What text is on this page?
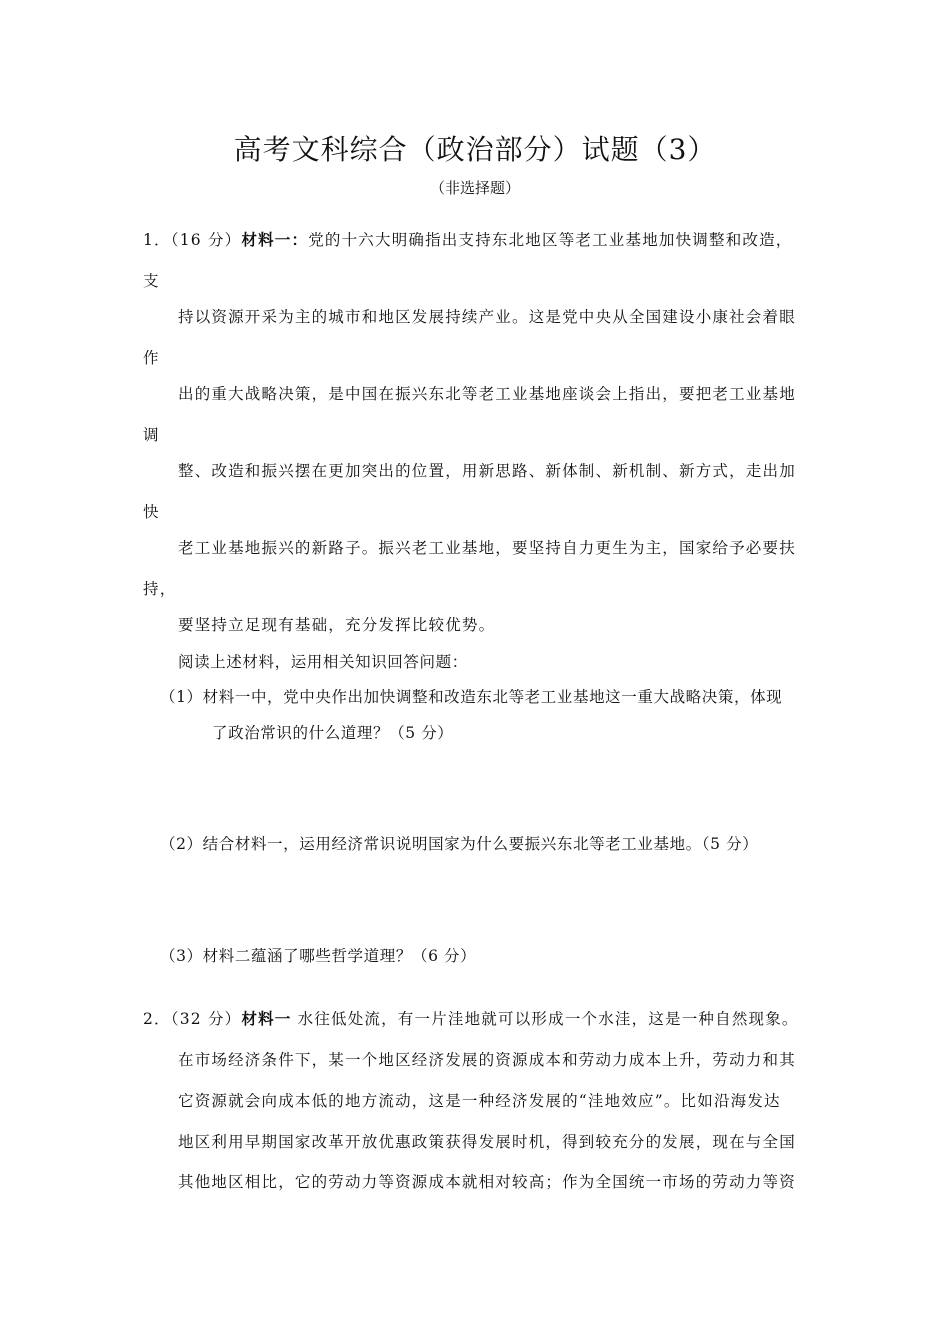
高考文科综合（政治部分）试题（3）
（非选择题）
1．（16 分）材料一：党的十六大明确指出支持东北地区等老工业基地加快调整和改造，
支
持以资源开采为主的城市和地区发展持续产业。这是党中央从全国建设小康社会着眼
作
出的重大战略决策，是中国在振兴东北等老工业基地座谈会上指出，要把老工业基地
调
整、改造和振兴摆在更加突出的位置，用新思路、新体制、新机制、新方式，走出加
快
老工业基地振兴的新路子。振兴老工业基地，要坚持自力更生为主，国家给予必要扶
持，
要坚持立足现有基础，充分发挥比较优势。
阅读上述材料，运用相关知识回答问题：
（1）材料一中，党中央作出加快调整和改造东北等老工业基地这一重大战略决策，体现
了政治常识的什么道理？（5 分）
（2）结合材料一，运用经济常识说明国家为什么要振兴东北等老工业基地。（5 分）
（3）材料二蕴涵了哪些哲学道理？（6 分）
2．（32 分）材料一 水往低处流，有一片洼地就可以形成一个水洼，这是一种自然现象。
在市场经济条件下，某一个地区经济发展的资源成本和劳动力成本上升，劳动力和其
它资源就会向成本低的地方流动，这是一种经济发展的“洼地效应”。比如沿海发达
地区利用早期国家改革开放优惠政策获得发展时机，得到较充分的发展，现在与全国
其他地区相比，它的劳动力等资源成本就相对较高；作为全国统一市场的劳动力等资
